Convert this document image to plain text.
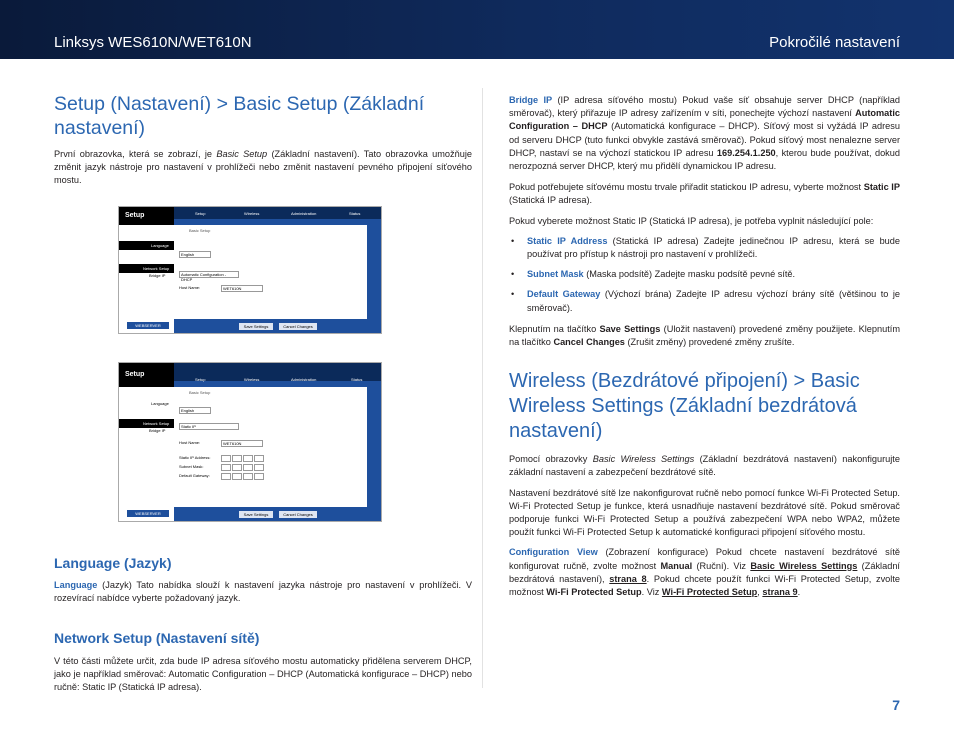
Linksys WES610N/WET610N	Pokročilé nastavení
Setup (Nastavení) > Basic Setup (Základní nastavení)

První obrazovka, která se zobrazí, je Basic Setup (Základní nastavení). Tato obrazovka umožňuje změnit jazyk nástroje pro nastavení v prohlížeči nebo změnit nastavení pevného připojení síťového mostu.

Setup	Setup	Wireless	Administration	Status
Basic Setup
Language
Network Setup
Bridge IP
English
Automatic Configuration - DHCP
Host Name:	WET610N
WEBSERVER	Save Settings	Cancel Changes
Setup
Setup	Wireless	Administration	Status
Basic Setup
Language
Network Setup
Bridge IP
English
Static IP
Host Name:	WET610N
Static IP Address:
Subnet Mask:
Default Gateway:
WEBSERVER	Save Settings	Cancel Changes
Language (Jazyk)

Language (Jazyk) Tato nabídka slouží k nastavení jazyka nástroje pro nastavení v prohlížeči. V rozevírací nabídce vyberte požadovaný jazyk.

Network Setup (Nastavení sítě)

V této části můžete určit, zda bude IP adresa síťového mostu automaticky přidělena serverem DHCP, jako je například směrovač: Automatic Configuration – DHCP (Automatická konfigurace – DHCP) nebo ručně: Static IP (Statická IP adresa).

Bridge IP (IP adresa síťového mostu) Pokud vaše síť obsahuje server DHCP (například směrovač), který přiřazuje IP adresy zařízením v síti, ponechejte výchozí nastavení Automatic Configuration – DHCP (Automatická konfigurace – DHCP). Síťový most si vyžádá IP adresu od serveru DHCP (tuto funkci obvykle zastává směrovač). Pokud síťový most nenalezne server DHCP, nastaví se na výchozí statickou IP adresu 169.254.1.250, kterou bude používat, dokud nerozpozná server DHCP, který mu přidělí dynamickou IP adresu.

Pokud potřebujete síťovému mostu trvale přiřadit statickou IP adresu, vyberte možnost Static IP (Statická IP adresa).

Pokud vyberete možnost Static IP (Statická IP adresa), je potřeba vyplnit následující pole:

• Static IP Address (Statická IP adresa) Zadejte jedinečnou IP adresu, která se bude používat pro přístup k nástroji pro nastavení v prohlížeči.
• Subnet Mask (Maska podsítě) Zadejte masku podsítě pevné sítě.
• Default Gateway (Výchozí brána) Zadejte IP adresu výchozí brány sítě (většinou to je směrovač).

Klepnutím na tlačítko Save Settings (Uložit nastavení) provedené změny použijete. Klepnutím na tlačítko Cancel Changes (Zrušit změny) provedené změny zrušíte.

Wireless (Bezdrátové připojení) > Basic Wireless Settings (Základní bezdrátová nastavení)

Pomocí obrazovky Basic Wireless Settings (Základní bezdrátová nastavení) nakonfigurujte základní nastavení a zabezpečení bezdrátové sítě.

Nastavení bezdrátové sítě lze nakonfigurovat ručně nebo pomocí funkce Wi-Fi Protected Setup. Wi-Fi Protected Setup je funkce, která usnadňuje nastavení bezdrátové sítě. Pokud směrovač podporuje funkci Wi-Fi Protected Setup a používá zabezpečení WPA nebo WPA2, můžete použít funkci Wi-Fi Protected Setup k automatické konfiguraci připojení síťového mostu.

Configuration View (Zobrazení konfigurace) Pokud chcete nastavení bezdrátové sítě konfigurovat ručně, zvolte možnost Manual (Ruční). Viz Basic Wireless Settings (Základní bezdrátová nastavení), strana 8. Pokud chcete použít funkci Wi-Fi Protected Setup, zvolte možnost Wi-Fi Protected Setup. Viz Wi-Fi Protected Setup, strana 9.

7
